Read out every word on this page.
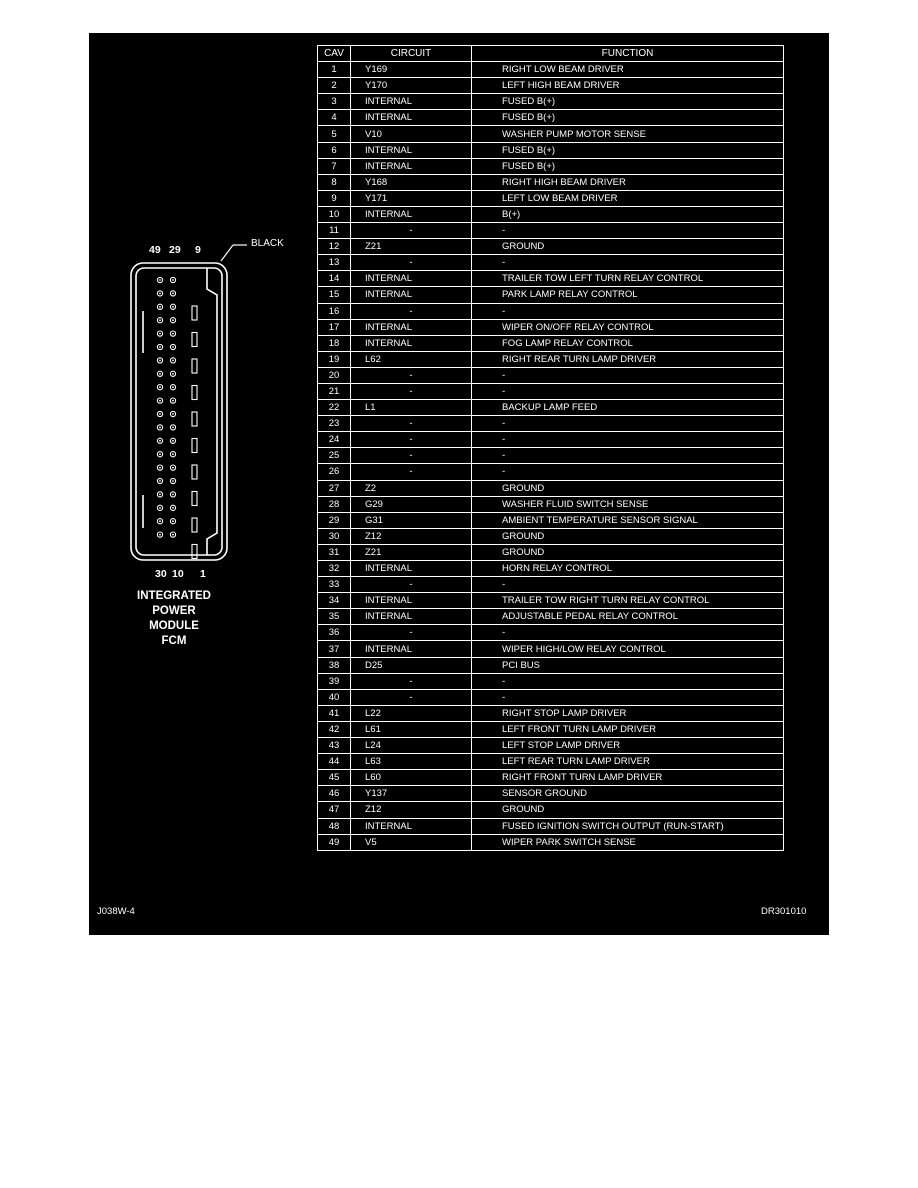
CAV	CIRCUIT	FUNCTION
1	Y169	RIGHT LOW BEAM DRIVER
2	Y170	LEFT HIGH BEAM DRIVER
3	INTERNAL	FUSED B(+)
4	INTERNAL	FUSED B(+)
5	V10	WASHER PUMP MOTOR SENSE
6	INTERNAL	FUSED B(+)
7	INTERNAL	FUSED B(+)
8	Y168	RIGHT HIGH BEAM DRIVER
9	Y171	LEFT LOW BEAM DRIVER
10	INTERNAL	B(+)
11	-	-
12	Z21	GROUND
13	-	-
14	INTERNAL	TRAILER TOW LEFT TURN RELAY CONTROL
15	INTERNAL	PARK LAMP RELAY CONTROL
16	-	-
17	INTERNAL	WIPER ON/OFF RELAY CONTROL
18	INTERNAL	FOG LAMP RELAY CONTROL
19	L62	RIGHT REAR TURN LAMP DRIVER
20	-	-
21	-	-
22	L1	BACKUP LAMP FEED
23	-	-
24	-	-
25	-	-
26	-	-
27	Z2	GROUND
28	G29	WASHER FLUID SWITCH SENSE
29	G31	AMBIENT TEMPERATURE SENSOR SIGNAL
30	Z12	GROUND
31	Z21	GROUND
32	INTERNAL	HORN RELAY CONTROL
33	-	-
34	INTERNAL	TRAILER TOW RIGHT TURN RELAY CONTROL
35	INTERNAL	ADJUSTABLE PEDAL RELAY CONTROL
36	-	-
37	INTERNAL	WIPER HIGH/LOW RELAY CONTROL
38	D25	PCI BUS
39	-	-
40	-	-
41	L22	RIGHT STOP LAMP DRIVER
42	L61	LEFT FRONT TURN LAMP DRIVER
43	L24	LEFT STOP LAMP DRIVER
44	L63	LEFT REAR TURN LAMP DRIVER
45	L60	RIGHT FRONT TURN LAMP DRIVER
46	Y137	SENSOR GROUND
47	Z12	GROUND
48	INTERNAL	FUSED IGNITION SWITCH OUTPUT (RUN-START)
49	V5	WIPER PARK SWITCH SENSE
49 29 9
BLACK
30 10 1
INTEGRATED
POWER
MODULE
FCM
J038W-4	DR301010
